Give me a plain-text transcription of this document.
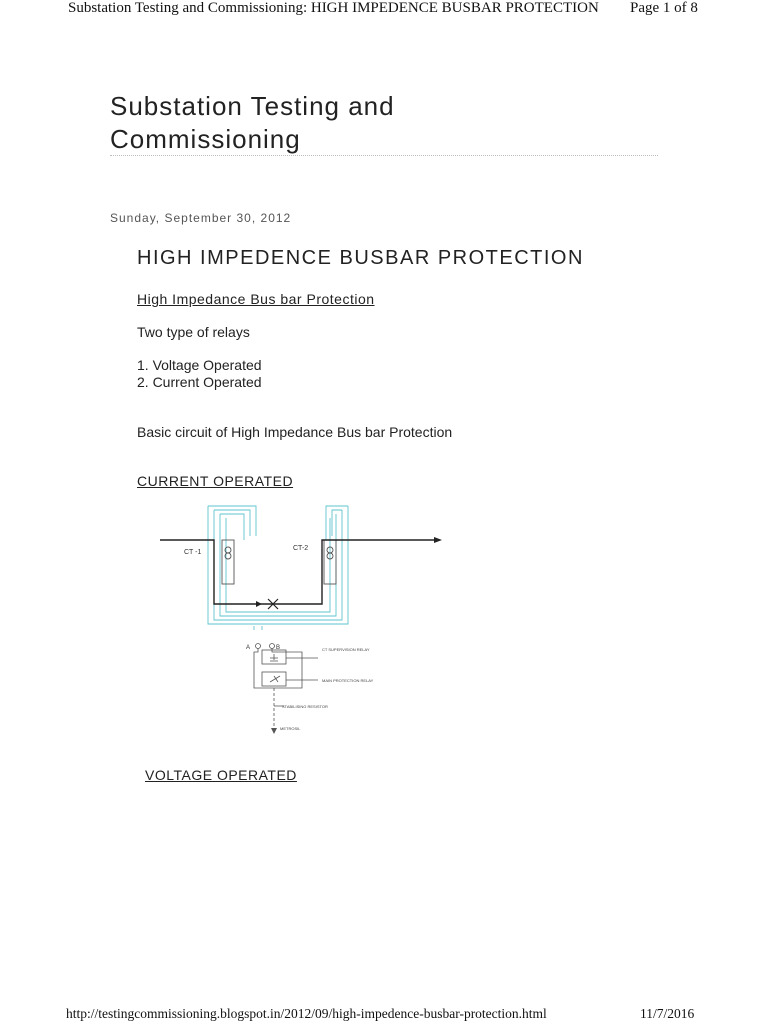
Substation Testing and Commissioning: HIGH IMPEDENCE BUSBAR PROTECTION Page 1 of 8
Substation Testing and
Commissioning
Sunday, September 30, 2012
HIGH IMPEDENCE BUSBAR PROTECTION
High Impedance Bus bar Protection
Two type of relays
1. Voltage Operated
2. Current Operated
Basic circuit of High Impedance Bus bar Protection
CURRENT OPERATED
CT -1
CT-2
A	B	CT SUPERVISION RELAY
MAIN PROTECTION RELAY
STABILISING RESISTOR
METROSIL
VOLTAGE OPERATED
http://testingcommissioning.blogspot.in/2012/09/high-impedence-busbar-protection.html	11/7/2016
